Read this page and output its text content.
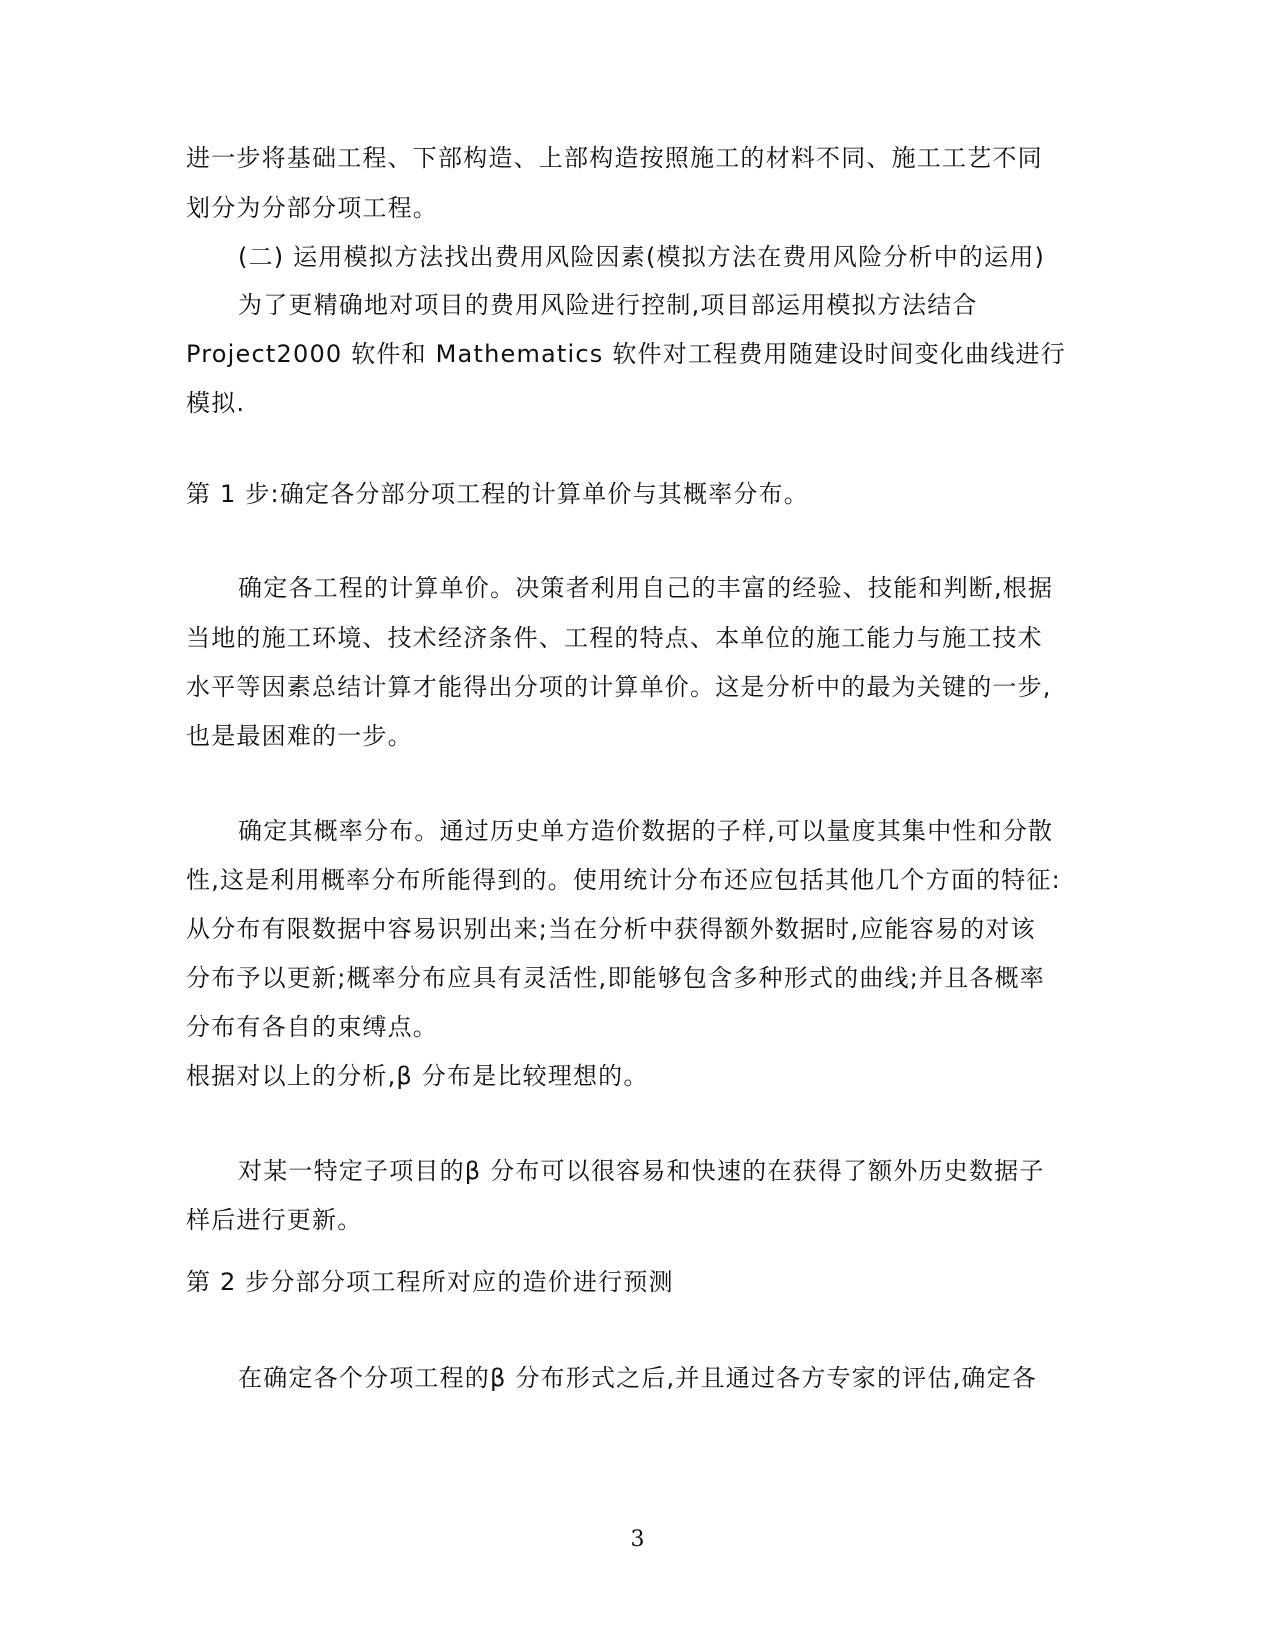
进一步将基础工程、下部构造、上部构造按照施工的材料不同、施工工艺不同
划分为分部分项工程。
(二) 运用模拟方法找出费用风险因素(模拟方法在费用风险分析中的运用)
为了更精确地对项目的费用风险进行控制,项目部运用模拟方法结合
Project2000 软件和 Mathematics 软件对工程费用随建设时间变化曲线进行
模拟.
第 1 步:确定各分部分项工程的计算单价与其概率分布。
确定各工程的计算单价。决策者利用自己的丰富的经验、技能和判断,根据
当地的施工环境、技术经济条件、工程的特点、本单位的施工能力与施工技术
水平等因素总结计算才能得出分项的计算单价。这是分析中的最为关键的一步,
也是最困难的一步。
确定其概率分布。通过历史单方造价数据的子样,可以量度其集中性和分散
性,这是利用概率分布所能得到的。使用统计分布还应包括其他几个方面的特征:
从分布有限数据中容易识别出来;当在分析中获得额外数据时,应能容易的对该
分布予以更新;概率分布应具有灵活性,即能够包含多种形式的曲线;并且各概率
分布有各自的束缚点。
根据对以上的分析,β 分布是比较理想的。
对某一特定子项目的β 分布可以很容易和快速的在获得了额外历史数据子
样后进行更新。
第 2 步分部分项工程所对应的造价进行预测
在确定各个分项工程的β 分布形式之后,并且通过各方专家的评估,确定各
3
